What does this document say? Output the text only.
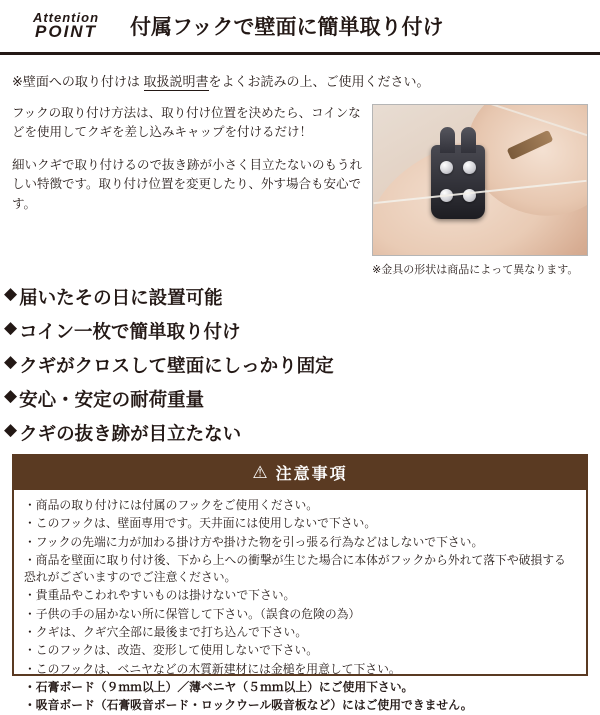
Attention
POINT	付属フックで壁面に簡単取り付け
※壁面への取り付けは 取扱説明書をよくお読みの上、ご使用ください。

フックの取り付け方法は、取り付け位置を決めたら、コインなどを使用してクギを差し込みキャップを付けるだけ！

細いクギで取り付けるので抜き跡が小さく目立たないのもうれしい特徴です。取り付け位置を変更したり、外す場合も安心です。

※金具の形状は商品によって異なります。
◆ 届いたその日に設置可能
◆ コイン一枚で簡単取り付け
◆ クギがクロスして壁面にしっかり固定
◆ 安心・安定の耐荷重量
◆ クギの抜き跡が目立たない
⚠ 注意事項

・商品の取り付けには付属のフックをご使用ください。

・このフックは、壁面専用です。天井面には使用しないで下さい。

・フックの先端に力が加わる掛け方や掛けた物を引っ張る行為などはしないで下さい。

・商品を壁面に取り付け後、下から上への衝撃が生じた場合に本体がフックから外れて落下や破損する恐れがございますのでご注意ください。

・貴重品やこわれやすいものは掛けないで下さい。

・子供の手の届かない所に保管して下さい。（誤食の危険の為）

・クギは、クギ穴全部に最後まで打ち込んで下さい。

・このフックは、改造、変形して使用しないで下さい。

・このフックは、ベニヤなどの木質新建材には金槌を用意して下さい。

・石膏ボード（９ｍｍ以上）／薄ベニヤ（５ｍｍ以上）にご使用下さい。

・吸音ボード（石膏吸音ボード・ロックウール吸音板など）にはご使用できません。
